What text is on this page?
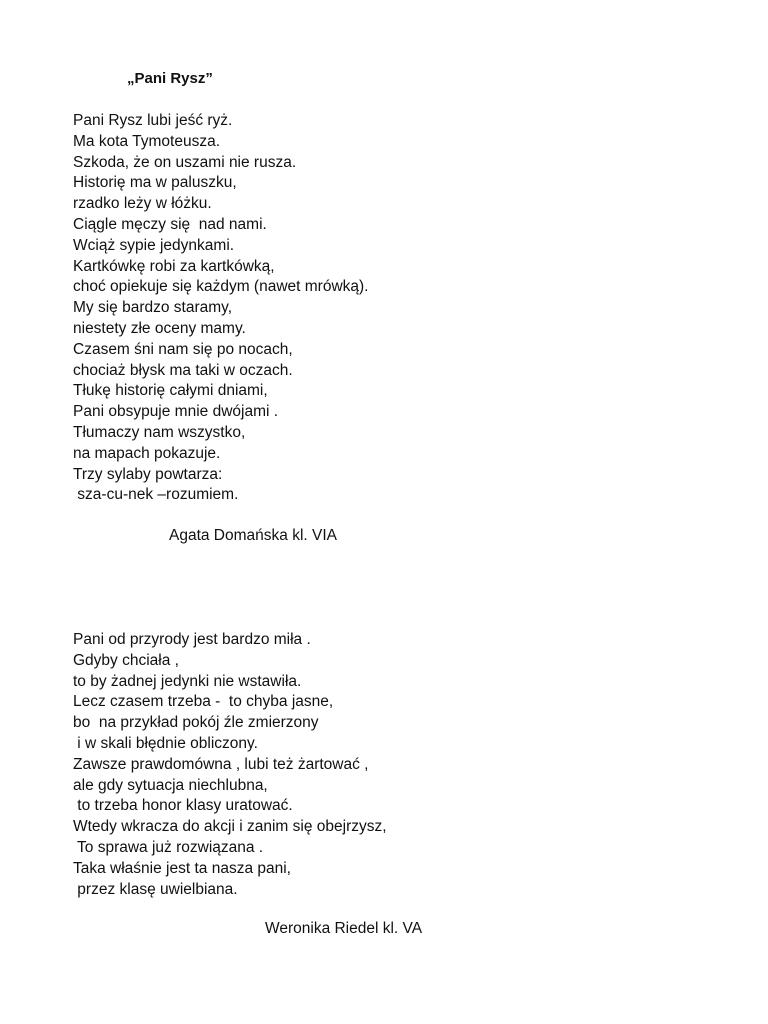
„Pani Rysz”
Pani Rysz lubi jeść ryż.
Ma kota Tymoteusza.
Szkoda, że on uszami nie rusza.
Historię ma w paluszku,
rzadko leży w łóżku.
Ciągle męczy się  nad nami.
Wciąż sypie jedynkami.
Kartkówkę robi za kartkówką,
choć opiekuje się każdym (nawet mrówką).
My się bardzo staramy,
niestety złe oceny mamy.
Czasem śni nam się po nocach,
chociaż błysk ma taki w oczach.
Tłukę historię całymi dniami,
Pani obsypuje mnie dwójami .
Tłumaczy nam wszystko,
na mapach pokazuje.
Trzy sylaby powtarza:
sza-cu-nek –rozumiem.
Agata Domańska kl. VIA
Pani od przyrody jest bardzo miła .
Gdyby chciała ,
to by żadnej jedynki nie wstawiła.
Lecz czasem trzeba -  to chyba jasne,
bo  na przykład pokój źle zmierzony
i w skali błędnie obliczony.
Zawsze prawdomówna , lubi też żartować ,
ale gdy sytuacja niechlubna,
to trzeba honor klasy uratować.
Wtedy wkracza do akcji i zanim się obejrzysz,
To sprawa już rozwiązana .
Taka właśnie jest ta nasza pani,
przez klasę uwielbiana.
Weronika Riedel kl. VA
